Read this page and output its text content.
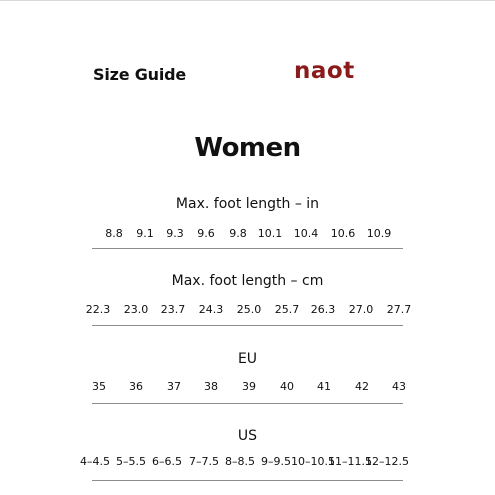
Size Guide	naot
Women
Max. foot length – in
8.8 9.1 9.3 9.6 9.8 10.1 10.4 10.6 10.9
Max. foot length – cm
22.3 23.0 23.7 24.3 25.0 25.7 26.3 27.0 27.7
EU
35 36 37 38 39 40 41 42 43
US
4–4.5 5–5.5 6–6.5 7–7.5 8–8.5 9–9.5 10–10.5
11–11.5
12–12.5
